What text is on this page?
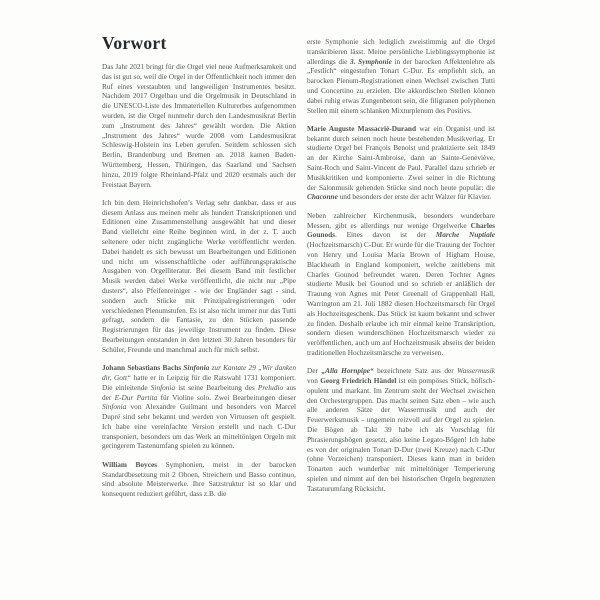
Vorwort

Das Jahr 2021 bringt für die Orgel viel neue Aufmerksamkeit und das ist gut so, weil die Orgel in der Öffentlichkeit noch immer den Ruf eines verstaubten und langweiligen Instrumentes besitzt. Nachdem 2017 Orgelbau und die Orgelmusik in Deutschland in die UNESCO-Liste des Immateriellen Kulturerbes aufgenommen wurden, ist die Orgel nunmehr durch den Landesmusikrat Berlin zum „Instrument des Jahres“ gewählt worden. Die Aktion „Instrument des Jahres“ wurde 2008 vom Landesmusikrat Schleswig-Holstein ins Leben gerufen. Seitdem schlossen sich Berlin, Brandenburg und Bremen an. 2018 kamen Baden-Württemberg, Hessen, Thüringen, das Saarland und Sachsen hinzu, 2019 folgte Rheinland-Pfalz und 2020 erstmals auch der Freistaat Bayern.

Ich bin dem Heinrichshofen’s Verlag sehr dankbar, dass er aus diesem Anlass aus meinen mehr als hundert Transkriptionen und Editionen eine Zusammenstellung ausgewählt hat und dieser Band vielleicht eine Reihe beginnen wird, in der z. T. auch seltenere oder nicht zugängliche Werke veröffentlicht werden. Dabei handelt es sich bewusst um Bearbeitungen und Editionen und nicht um wissenschaftliche oder aufführungspraktische Ausgaben von Orgelliteratur. Bei diesem Band mit festlicher Musik werden dabei Werke veröffentlicht, die nicht nur „Pipe dusters“, also Pfeifenreiniger - wie der Engländer sagt - sind, sondern auch Stücke mit Prinzipalregistrierungen oder verschiedenen Plenumstufen. Es ist also nicht immer nur das Tutti gefragt, sondern die Fantasie, zu den Stücken passende Registrierungen für das jeweilige Instrument zu finden. Diese Bearbeitungen entstanden in den letzten 30 Jahren besonders für Schüler, Freunde und manchmal auch für mich selbst.

Johann Sebastians Bachs Sinfonia zur Kantate 29 „Wir danken dir, Gott“ hatte er in Leipzig für die Ratswahl 1731 komponiert. Die einleitende Sinfonia ist seine Bearbeitung des Preludio aus der E-Dur Partita für Violine solo. Zwei Bearbeitungen dieser Sinfonia von Alexandre Guilmant und besonders von Marcel Dupré sind sehr bekannt und werden von Virtuosen oft gespielt. Ich habe eine vereinfachte Version erstellt und nach C-Dur transponiert, besonders um das Werk an mitteltönigen Orgeln mit geringerem Tastenumfang spielen zu können.

William Boyces Symphonien, meist in der barocken Standardbesetzung mit 2 Oboen, Streichern und Basso continuo, sind absolute Meisterwerke. Ihre Satzstruktur ist so klar und konsequent reduziert geführt, dass z.B. die

erste Symphonie sich lediglich zweistimmig auf die Orgel transkribieren lässt. Meine persönliche Lieblingssymphonie ist allerdings die 3. Symphonie in der barocken Affektenlehre als „Festlich“ eingestuften Tonart C-Dur. Es empfiehlt sich, an barocken Plenum-Registrationen einen Wechsel zwischen Tutti und Concertino zu erzielen. Die akkordischen Stellen können dabei ruhig etwas Zungenbetont sein, die filigranen polyphonen Stellen mit einem schlanken Mixturplenum des Positivs.

Marie Auguste Massacrié-Durand war ein Organist und ist bekannt durch seinen noch heute bestehenden Musikverlag. Er studierte Orgel bei François Benoist und praktizierte seit 1849 an der Kirche Saint-Ambroise, dann an Sainte-Geneviève, Saint-Roch und Saint-Vincent de Paul. Parallel dazu schrieb er Musikkritiken und komponierte. Zwei seiner in die Richtung der Salonmusik gehenden Stücke sind noch heute populär: die Chaconne und besonders der erste der acht Walzer für Klavier.

Neben zahlreicher Kirchenmusik, besonders wunderbare Messen, gibt es allerdings nur wenige Orgelwerke Charles Gounods. Eines davon ist der Marche Nuptiale (Hochzeitsmarsch) C-Dur. Er wurde für die Trauung der Tochter von Henry und Louisa Maria Brown of Higham House, Blackheath in England komponiert, welche zeitlebens mit Charles Gounod befreundet waren. Deren Tochter Agnes studierte Musik bei Gounod und so schrieb er anläßlich der Trauung von Agnes mit Peter Greenall of Grappenhall Hall, Warrington am 21. Juli 1882 diesen Hochzeitsmarsch für Orgel als Hochzeitsgeschenk. Das Stück ist kaum bekannt und schwer zu finden. Deshalb erlaube ich mir einmal keine Transkription, sondern diesen wunderschönen Hochzeitsmarsch wieder zu veröffentlichen, auch um auf Hochzeitsmusik abseits der beiden traditionellen Hochzeitsmärsche zu verweisen.

Der „Alla Hornpipe“ bezeichnete Satz aus der Wassermusik von Georg Friedrich Händel ist ein pompöses Stück, höfisch-opulent und markant. Im Zentrum steht der Wechsel zwischen den Orchestergruppen. Das macht seinen Satz eben – wie auch alle anderen Sätze der Wassermusik und auch der Feuerwerksmusik – ungemein reizvoll auf der Orgel zu spielen. Die Bögen ab Takt 39 habe ich als Vorschlag für Phrasierungsbögen gesetzt, also keine Legato-Bögen! Ich habe es von der originalen Tonart D-Dur (zwei Kreuze) nach C-Dur (ohne Vorzeichen) transponiert. Dieses kann man in beiden Tonarten auch wunderbar mit mitteltöniger Temperierung spielen und nimmt auf den bei historischen Orgeln begrenzten Tastaturumfang Rücksicht.
